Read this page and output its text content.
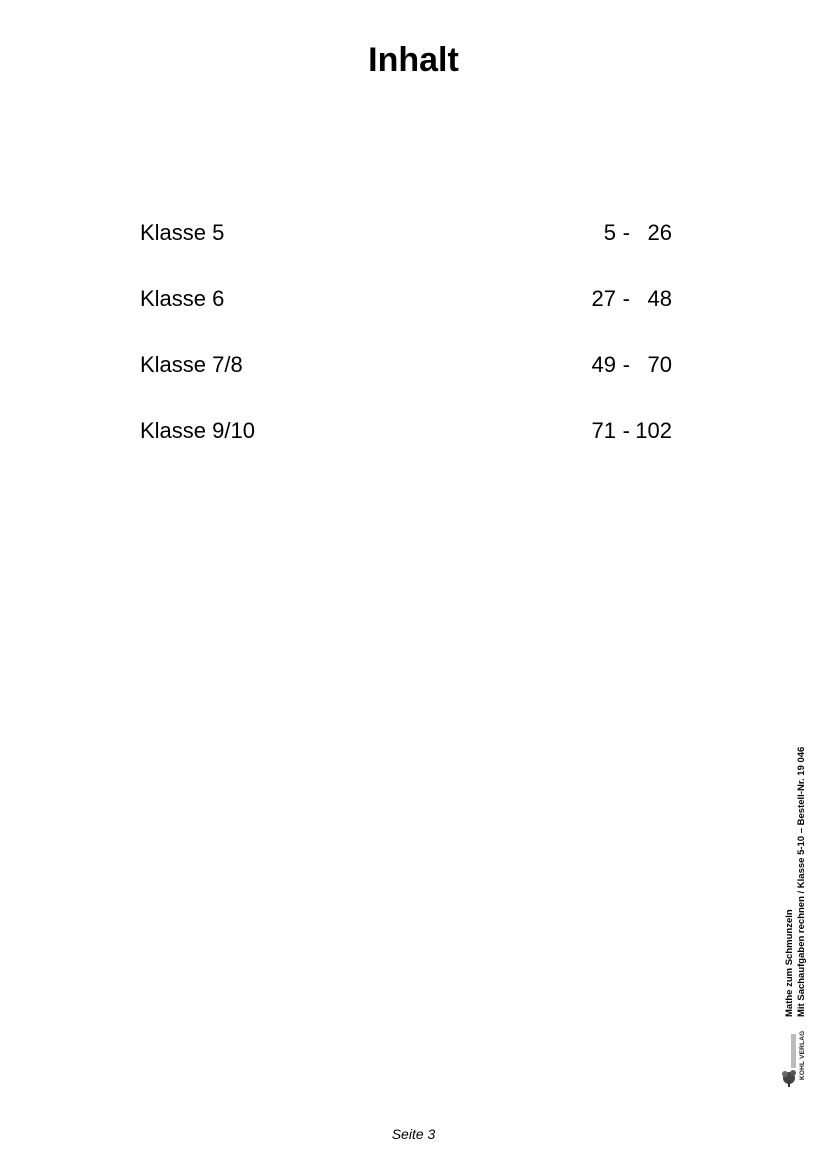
Inhalt
Klasse 5	5 - 26
Klasse 6	27 - 48
Klasse 7/8	49 - 70
Klasse 9/10	71 - 102
Mathe zum Schmunzeln Mit Sachaufgaben rechnen / Klasse 5-10 – Bestell-Nr. 19 046
KOHL VERLAG
Seite 3
